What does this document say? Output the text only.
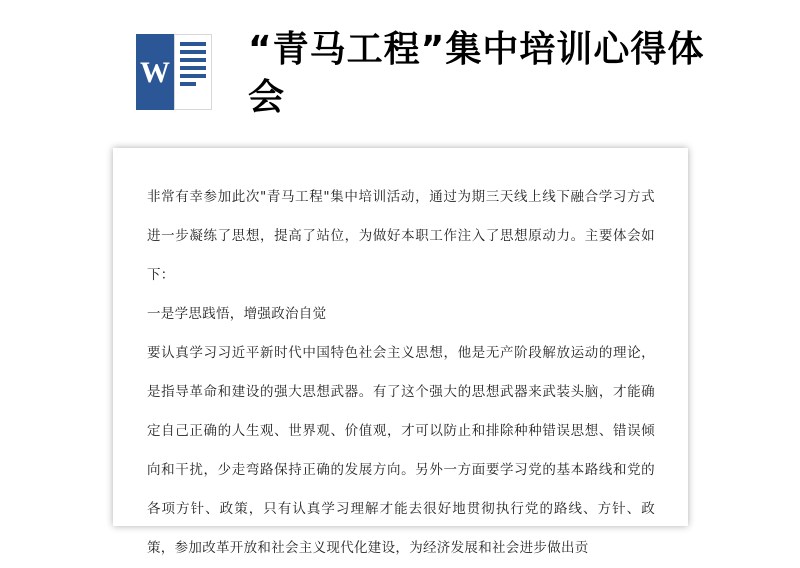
W
“青马工程”集中培训心得体会

非常有幸参加此次"青马工程"集中培训活动，通过为期三天线上线下融合学习方式进一步凝练了思想，提高了站位，为做好本职工作注入了思想原动力。主要体会如下：

一是学思践悟，增强政治自觉

要认真学习习近平新时代中国特色社会主义思想，他是无产阶段解放运动的理论，是指导革命和建设的强大思想武器。有了这个强大的思想武器来武装头脑，才能确定自己正确的人生观、世界观、价值观，才可以防止和排除种种错误思想、错误倾向和干扰，少走弯路保持正确的发展方向。另外一方面要学习党的基本路线和党的各项方针、政策，只有认真学习理解才能去很好地贯彻执行党的路线、方针、政策，参加改革开放和社会主义现代化建设，为经济发展和社会进步做出贡
